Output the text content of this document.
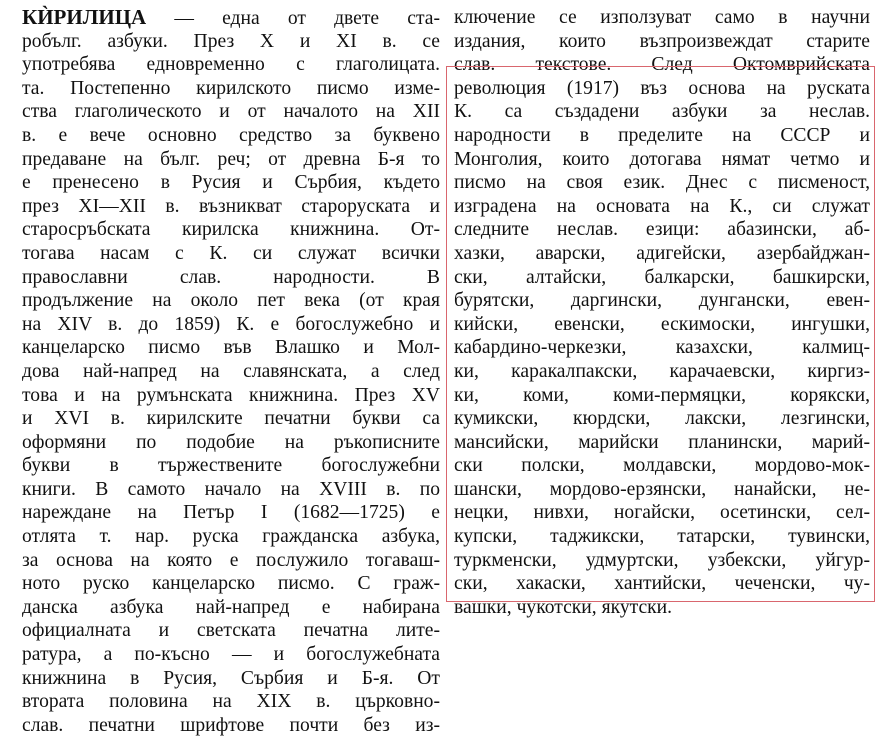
КЍРИЛИЦА — една от двете ста-
робълг. азбуки. През X и XI в. се
употребява едновременно с глаголицата.
та. Постепенно кирилското писмо изме-
ства глаголическото и от началото на XII
в. е вече основно средство за буквено
предаване на бълг. реч; от древна Б-я то
е пренесено в Русия и Сърбия, където
през XI—XII в. възникват староруската и
старосръбската кирилска книжнина. От-
тогава насам с К. си служат всички
православни слав. народности. В
продължение на около пет века (от края
на XIV в. до 1859) К. е богослужебно и
канцеларско писмо във Влашко и Мол-
дова най-напред на славянската, а след
това и на румънската книжнина. През XV
и XVI в. кирилските печатни букви са
оформяни по подобие на ръкописните
букви в тържествените богослужебни
книги. В самото начало на XVIII в. по
нареждане на Петър I (1682—1725) е
отлята т. нар. руска гражданска азбука,
за основа на която е послужило тогаваш-
ното руско канцеларско писмо. С граж-
данска азбука най-напред е набирана
официалната и светската печатна лите-
ратура, а по-късно — и богослужебната
книжнина в Русия, Сърбия и Б-я. От
втората половина на XIX в. църковно-
слав. печатни шрифтове почти без из-
ключение се използуват само в научни
издания, които възпроизвеждат старите
слав. текстове. След Октомврийската
революция (1917) въз основа на руската
К. са създадени азбуки за неслав.
народности в пределите на СССР и
Монголия, които дотогава нямат четмо и
писмо на своя език. Днес с писменост,
изградена на основата на К., си служат
следните неслав. езици: абазински, аб-
хазки, аварски, адигейски, азербайджан-
ски, алтайски, балкарски, башкирски,
бурятски, даргински, дунгански, евен-
кийски, евенски, ескимоски, ингушки,
кабардино-черкезки, казахски, калмиц-
ки, каракалпакски, карачаевски, киргиз-
ки, коми, коми-пермяцки, корякски,
кумикски, кюрдски, лакски, лезгински,
мансийски, марийски планински, марий-
ски полски, молдавски, мордово-мок-
шански, мордово-ерзянски, нанайски, не-
нецки, нивхи, ногайски, осетински, сел-
купски, таджикски, татарски, тувински,
туркменски, удмуртски, узбекски, уйгур-
ски, хакаски, хантийски, чеченски, чу-
вашки, чукотски, якутски.
